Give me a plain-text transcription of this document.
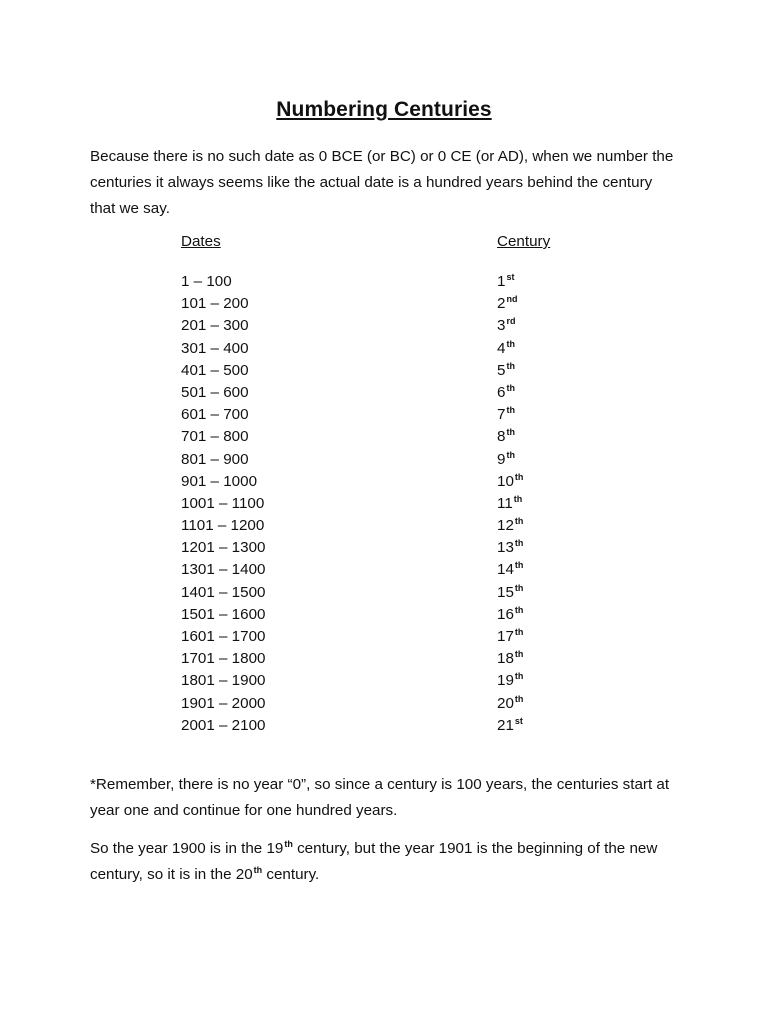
Numbering Centuries
Because there is no such date as 0 BCE (or BC) or 0 CE (or AD), when we number the centuries it always seems like the actual date is a hundred years behind the century that we say.
Dates	Century
1 – 100	1st
101 – 200	2nd
201 – 300	3rd
301 – 400	4th
401 – 500	5th
501 – 600	6th
601 – 700	7th
701 – 800	8th
801 – 900	9th
901 – 1000	10th
1001 – 1100	11th
1101 – 1200	12th
1201 – 1300	13th
1301 – 1400	14th
1401 – 1500	15th
1501 – 1600	16th
1601 – 1700	17th
1701 – 1800	18th
1801 – 1900	19th
1901 – 2000	20th
2001 – 2100	21st
*Remember, there is no year “0”, so since a century is 100 years, the centuries start at year one and continue for one hundred years.
So the year 1900 is in the 19th century, but the year 1901 is the beginning of the new century, so it is in the 20th century.
